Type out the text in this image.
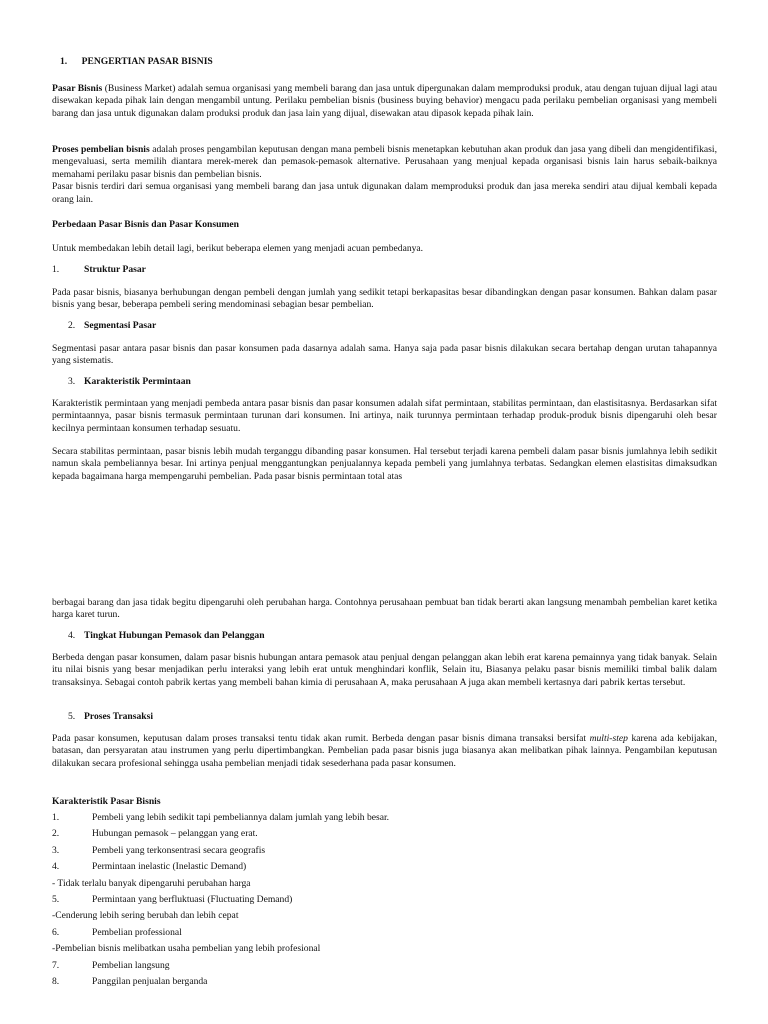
1. PENGERTIAN PASAR BISNIS

Pasar Bisnis (Business Market) adalah semua organisasi yang membeli barang dan jasa untuk dipergunakan dalam memproduksi produk, atau dengan tujuan dijual lagi atau disewakan kepada pihak lain dengan mengambil untung. Perilaku pembelian bisnis (business buying behavior) mengacu pada perilaku pembelian organisasi yang membeli barang dan jasa untuk digunakan dalam produksi produk dan jasa lain yang dijual, disewakan atau dipasok kepada pihak lain.

Proses pembelian bisnis adalah proses pengambilan keputusan dengan mana pembeli bisnis menetapkan kebutuhan akan produk dan jasa yang dibeli dan mengidentifikasi, mengevaluasi, serta memilih diantara merek-merek dan pemasok-pemasok alternative. Perusahaan yang menjual kepada organisasi bisnis lain harus sebaik-baiknya memahami perilaku pasar bisnis dan pembelian bisnis.

Pasar bisnis terdiri dari semua organisasi yang membeli barang dan jasa untuk digunakan dalam memproduksi produk dan jasa mereka sendiri atau dijual kembali kepada orang lain.

Perbedaan Pasar Bisnis dan Pasar Konsumen
Untuk membedakan lebih detail lagi, berikut beberapa elemen yang menjadi acuan pembedanya.
1.	Struktur Pasar

Pada pasar bisnis, biasanya berhubungan dengan pembeli dengan jumlah yang sedikit tetapi berkapasitas besar dibandingkan dengan pasar konsumen. Bahkan dalam pasar bisnis yang besar, beberapa pembeli sering mendominasi sebagian besar pembelian.

2. Segmentasi Pasar

Segmentasi pasar antara pasar bisnis dan pasar konsumen pada dasarnya adalah sama. Hanya saja pada pasar bisnis dilakukan secara bertahap dengan urutan tahapannya yang sistematis.

3. Karakteristik Permintaan

Karakteristik permintaan yang menjadi pembeda antara pasar bisnis dan pasar konsumen adalah sifat permintaan, stabilitas permintaan, dan elastisitasnya. Berdasarkan sifat permintaannya, pasar bisnis termasuk permintaan turunan dari konsumen. Ini artinya, naik turunnya permintaan terhadap produk-produk bisnis dipengaruhi oleh besar kecilnya permintaan konsumen terhadap sesuatu.

Secara stabilitas permintaan, pasar bisnis lebih mudah terganggu dibanding pasar konsumen. Hal tersebut terjadi karena pembeli dalam pasar bisnis jumlahnya lebih sedikit namun skala pembeliannya besar. Ini artinya penjual menggantungkan penjualannya kepada pembeli yang jumlahnya terbatas. Sedangkan elemen elastisitas dimaksudkan kepada bagaimana harga mempengaruhi pembelian. Pada pasar bisnis permintaan total atas

berbagai barang dan jasa tidak begitu dipengaruhi oleh perubahan harga. Contohnya perusahaan pembuat ban tidak berarti akan langsung menambah pembelian karet ketika harga karet turun.

4. Tingkat Hubungan Pemasok dan Pelanggan

Berbeda dengan pasar konsumen, dalam pasar bisnis hubungan antara pemasok atau penjual dengan pelanggan akan lebih erat karena pemainnya yang tidak banyak. Selain itu nilai bisnis yang besar menjadikan perlu interaksi yang lebih erat untuk menghindari konflik, Selain itu, Biasanya pelaku pasar bisnis memiliki timbal balik dalam transaksinya. Sebagai contoh pabrik kertas yang membeli bahan kimia di perusahaan A, maka perusahaan A juga akan membeli kertasnya dari pabrik kertas tersebut.

5. Proses Transaksi

Pada pasar konsumen, keputusan dalam proses transaksi tentu tidak akan rumit. Berbeda dengan pasar bisnis dimana transaksi bersifat multi-step karena ada kebijakan, batasan, dan persyaratan atau instrumen yang perlu dipertimbangkan. Pembelian pada pasar bisnis juga biasanya akan melibatkan pihak lainnya. Pengambilan keputusan dilakukan secara profesional sehingga usaha pembelian menjadi tidak sesederhana pada pasar konsumen.

Karakteristik Pasar Bisnis
1.	Pembeli yang lebih sedikit tapi pembeliannya dalam jumlah yang lebih besar.
2.	Hubungan pemasok – pelanggan yang erat.
3.	Pembeli yang terkonsentrasi secara geografis
4.	Permintaan inelastic (Inelastic Demand)
- Tidak terlalu banyak dipengaruhi perubahan harga
5.	Permintaan yang berfluktuasi (Fluctuating Demand)
-Cenderung lebih sering berubah dan lebih cepat
6.	Pembelian professional
-Pembelian bisnis melibatkan usaha pembelian yang lebih profesional
7.	Pembelian langsung
8.	Panggilan penjualan berganda
